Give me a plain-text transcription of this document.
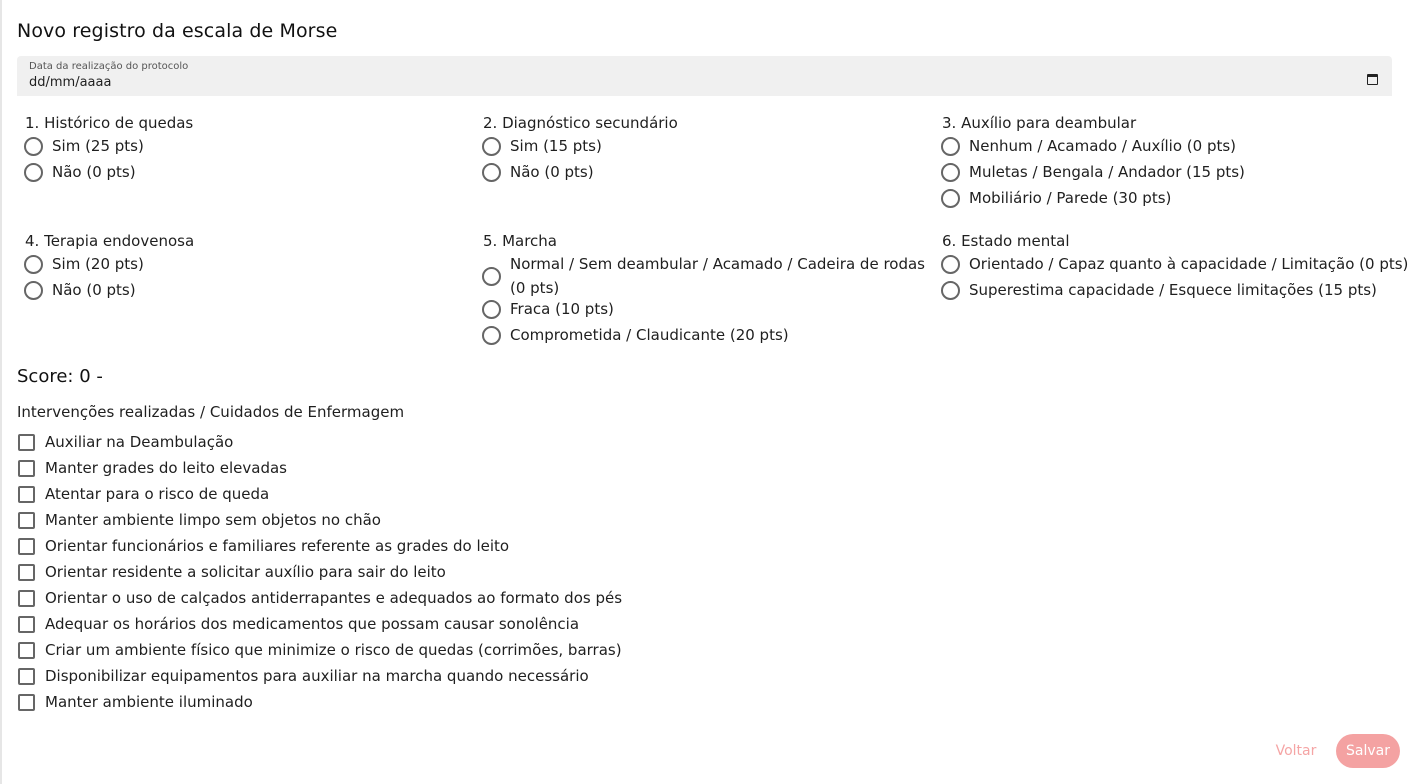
Novo registro da escala de Morse
Data da realização do protocolo
dd/mm/aaaa
1. Histórico de quedas
Sim (25 pts)
Não (0 pts)
2. Diagnóstico secundário
Sim (15 pts)
Não (0 pts)
3. Auxílio para deambular
Nenhum / Acamado / Auxílio (0 pts)
Muletas / Bengala / Andador (15 pts)
Mobiliário / Parede (30 pts)
4. Terapia endovenosa
Sim (20 pts)
Não (0 pts)
5. Marcha
Normal / Sem deambular / Acamado / Cadeira de rodas (0 pts)
Fraca (10 pts)
Comprometida / Claudicante (20 pts)
6. Estado mental
Orientado / Capaz quanto à capacidade / Limitação (0 pts)
Superestima capacidade / Esquece limitações (15 pts)
Score: 0 -
Intervenções realizadas / Cuidados de Enfermagem
Auxiliar na Deambulação
Manter grades do leito elevadas
Atentar para o risco de queda
Manter ambiente limpo sem objetos no chão
Orientar funcionários e familiares referente as grades do leito
Orientar residente a solicitar auxílio para sair do leito
Orientar o uso de calçados antiderrapantes e adequados ao formato dos pés
Adequar os horários dos medicamentos que possam causar sonolência
Criar um ambiente físico que minimize o risco de quedas (corrimões, barras)
Disponibilizar equipamentos para auxiliar na marcha quando necessário
Manter ambiente iluminado
Voltar	Salvar
